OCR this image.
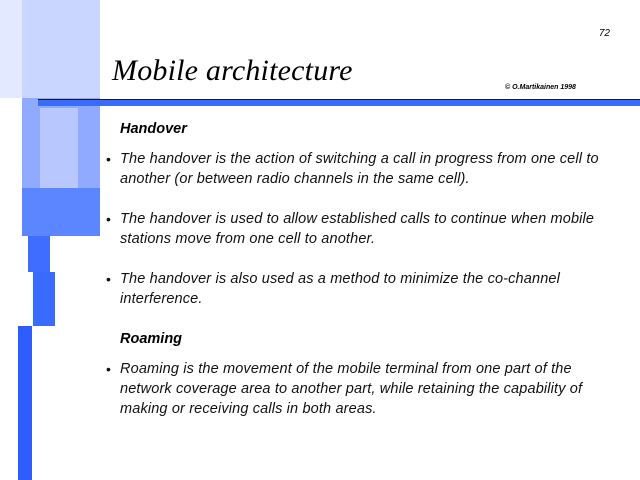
72
Mobile architecture
© O.Martikainen 1998
Handover
• The handover is the action of switching a call in progress from one cell to another (or between radio channels in the same cell).
• The handover is used to allow established calls to continue when mobile stations move from one cell to another.
• The handover is also used as a method to minimize the co-channel interference.
Roaming
• Roaming is the movement of the mobile terminal from one part of the network coverage area to another part, while retaining the capability of making or receiving calls in both areas.
